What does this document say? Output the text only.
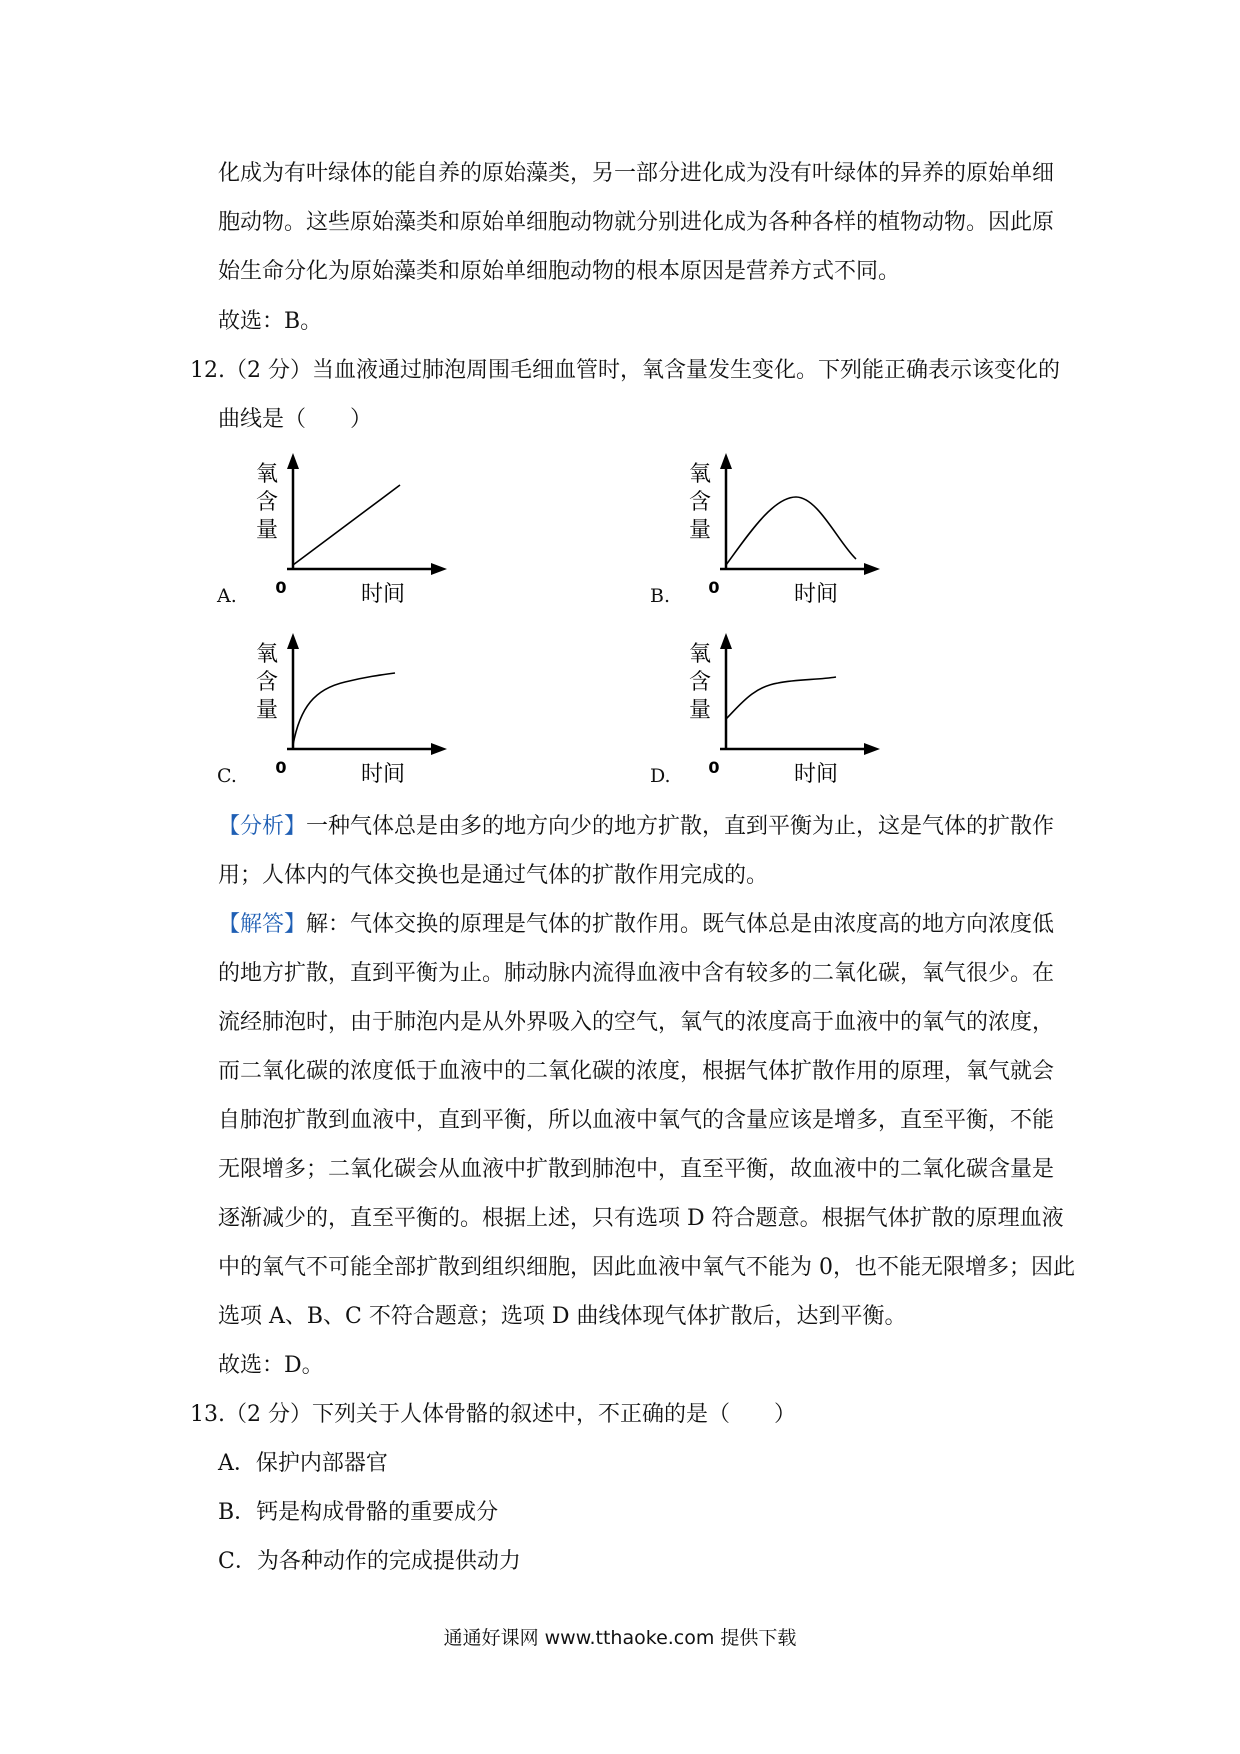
化成为有叶绿体的能自养的原始藻类，另一部分进化成为没有叶绿体的异养的原始单细
胞动物。这些原始藻类和原始单细胞动物就分别进化成为各种各样的植物动物。因此原
始生命分化为原始藻类和原始单细胞动物的根本原因是营养方式不同。
故选：B。
12.（2 分）当血液通过肺泡周围毛细血管时，氧含量发生变化。下列能正确表示该变化的
曲线是（　　）
A.
氧
含
量
0	时间	B.
氧
含
量
0	时间
C.
氧
含
量
0	时间	D.
氧
含
量
0	时间
【分析】一种气体总是由多的地方向少的地方扩散，直到平衡为止，这是气体的扩散作
用；人体内的气体交换也是通过气体的扩散作用完成的。
【解答】解：气体交换的原理是气体的扩散作用。既气体总是由浓度高的地方向浓度低
的地方扩散，直到平衡为止。肺动脉内流得血液中含有较多的二氧化碳，氧气很少。在
流经肺泡时，由于肺泡内是从外界吸入的空气，氧气的浓度高于血液中的氧气的浓度，
而二氧化碳的浓度低于血液中的二氧化碳的浓度，根据气体扩散作用的原理，氧气就会
自肺泡扩散到血液中，直到平衡，所以血液中氧气的含量应该是增多，直至平衡，不能
无限增多；二氧化碳会从血液中扩散到肺泡中，直至平衡，故血液中的二氧化碳含量是
逐渐减少的，直至平衡的。根据上述，只有选项 D 符合题意。根据气体扩散的原理血液
中的氧气不可能全部扩散到组织细胞，因此血液中氧气不能为 0，也不能无限增多；因此
选项 A、B、C 不符合题意；选项 D 曲线体现气体扩散后，达到平衡。
故选：D。
13.（2 分）下列关于人体骨骼的叙述中，不正确的是（　　）
A．保护内部器官
B．钙是构成骨骼的重要成分
C．为各种动作的完成提供动力
通通好课网 www.tthaoke.com 提供下载
